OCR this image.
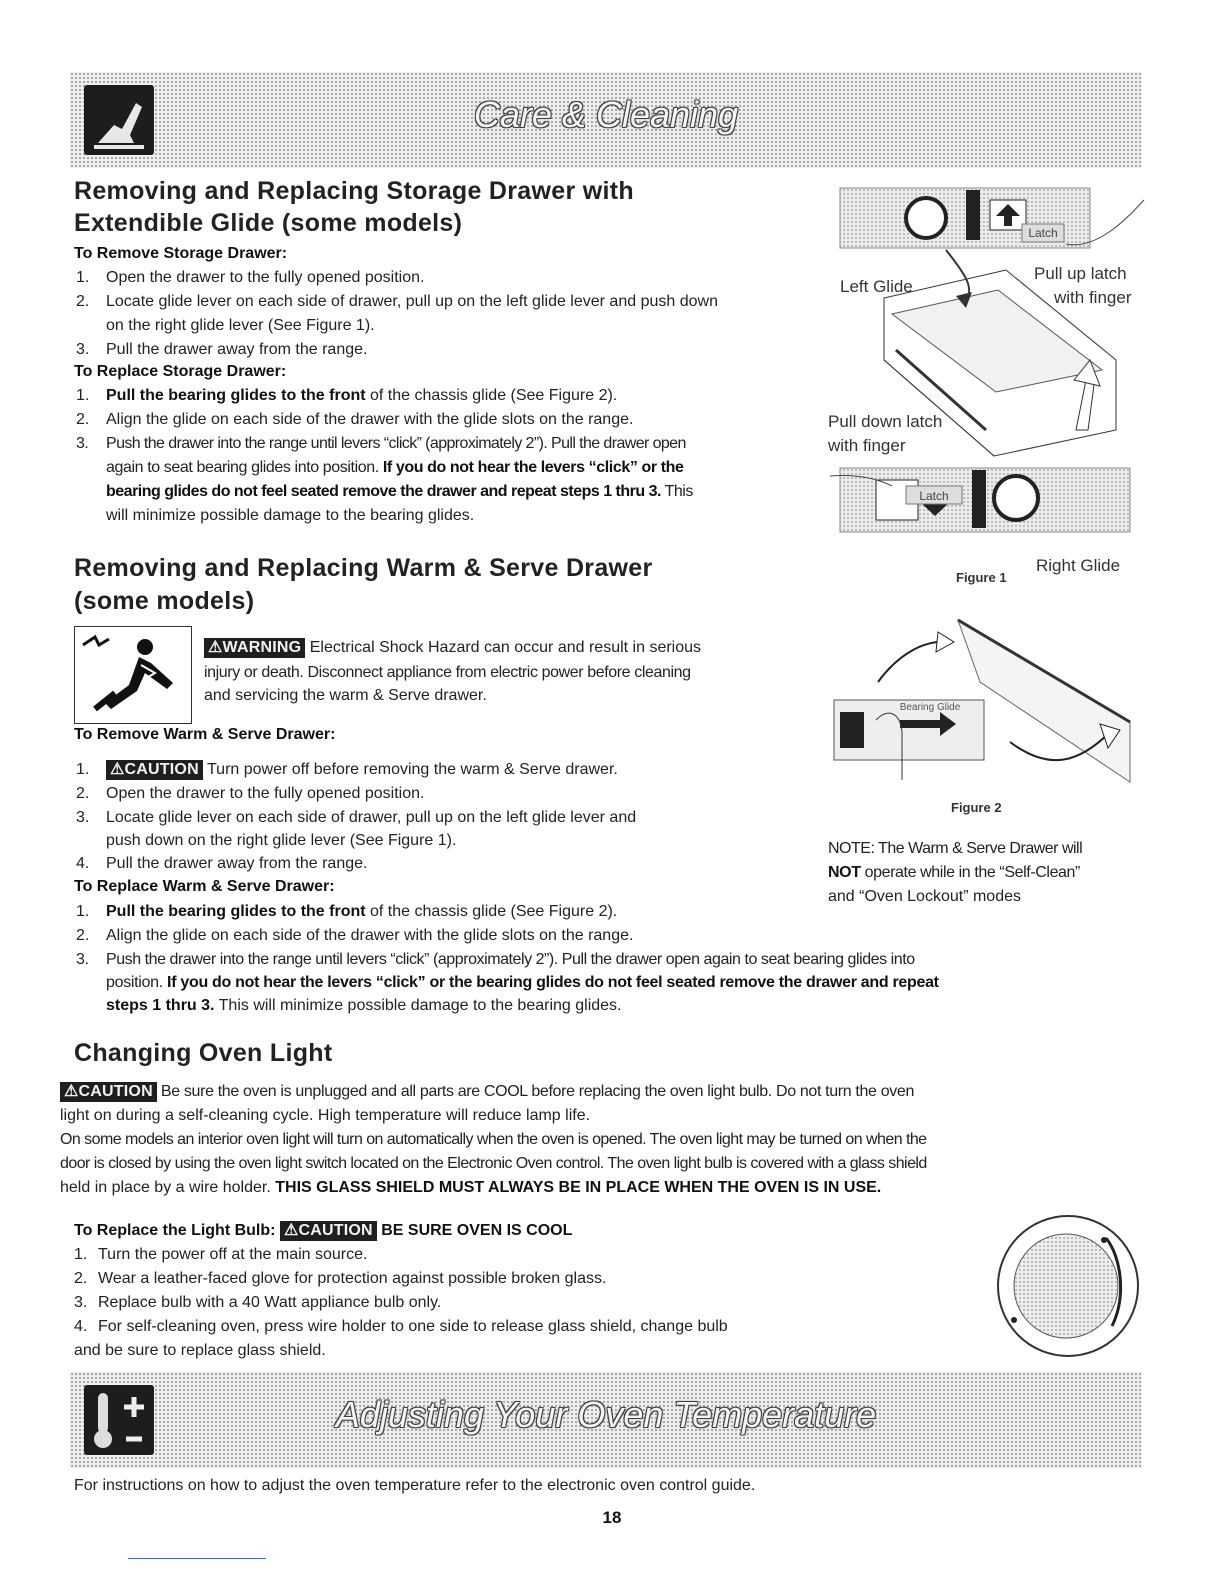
Care & Cleaning
Removing and Replacing Storage Drawer with
Extendible Glide (some models)
To Remove Storage Drawer:
1. Open the drawer to the fully opened position.
2. Locate glide lever on each side of drawer, pull up on the left glide lever and push down
on the right glide lever (See Figure 1).
3. Pull the drawer away from the range.
To Replace Storage Drawer:
1. Pull the bearing glides to the front of the chassis glide (See Figure 2).
2. Align the glide on each side of the drawer with the glide slots on the range.
3. Push the drawer into the range until levers “click” (approximately 2”). Pull the drawer open
again to seat bearing glides into position. If you do not hear the levers “click” or the
bearing glides do not feel seated remove the drawer and repeat steps 1 thru 3. This
will minimize possible damage to the bearing glides.
Latch
Latch
Left Glide
Pull up latch
with finger
Pull down latch
with finger
Figure 1
Right Glide
Removing and Replacing Warm & Serve Drawer
(some models)
⚠WARNING Electrical Shock Hazard can occur and result in serious
injury or death. Disconnect appliance from electric power before cleaning
and servicing the warm & Serve drawer.
To Remove Warm & Serve Drawer:
1. ⚠CAUTION Turn power off before removing the warm & Serve drawer.
2. Open the drawer to the fully opened position.
3. Locate glide lever on each side of drawer, pull up on the left glide lever and
push down on the right glide lever (See Figure 1).
4. Pull the drawer away from the range.
To Replace Warm & Serve Drawer:
1. Pull the bearing glides to the front of the chassis glide (See Figure 2).
2. Align the glide on each side of the drawer with the glide slots on the range.
3. Push the drawer into the range until levers “click” (approximately 2”). Pull the drawer open again to seat bearing glides into
position. If you do not hear the levers “click” or the bearing glides do not feel seated remove the drawer and repeat
steps 1 thru 3. This will minimize possible damage to the bearing glides.
Bearing Glide
Figure 2
NOTE: The Warm & Serve Drawer will
NOT operate while in the “Self-Clean”
and “Oven Lockout” modes
Changing Oven Light
⚠CAUTION Be sure the oven is unplugged and all parts are COOL before replacing the oven light bulb. Do not turn the oven
light on during a self-cleaning cycle. High temperature will reduce lamp life.
On some models an interior oven light will turn on automatically when the oven is opened. The oven light may be turned on when the
door is closed by using the oven light switch located on the Electronic Oven control. The oven light bulb is covered with a glass shield
held in place by a wire holder. THIS GLASS SHIELD MUST ALWAYS BE IN PLACE WHEN THE OVEN IS IN USE.
To Replace the Light Bulb: ⚠CAUTION BE SURE OVEN IS COOL
1. Turn the power off at the main source.
2. Wear a leather-faced glove for protection against possible broken glass.
3. Replace bulb with a 40 Watt appliance bulb only.
4. For self-cleaning oven, press wire holder to one side to release glass shield, change bulb
and be sure to replace glass shield.
Adjusting Your Oven Temperature
For instructions on how to adjust the oven temperature refer to the electronic oven control guide.
18
